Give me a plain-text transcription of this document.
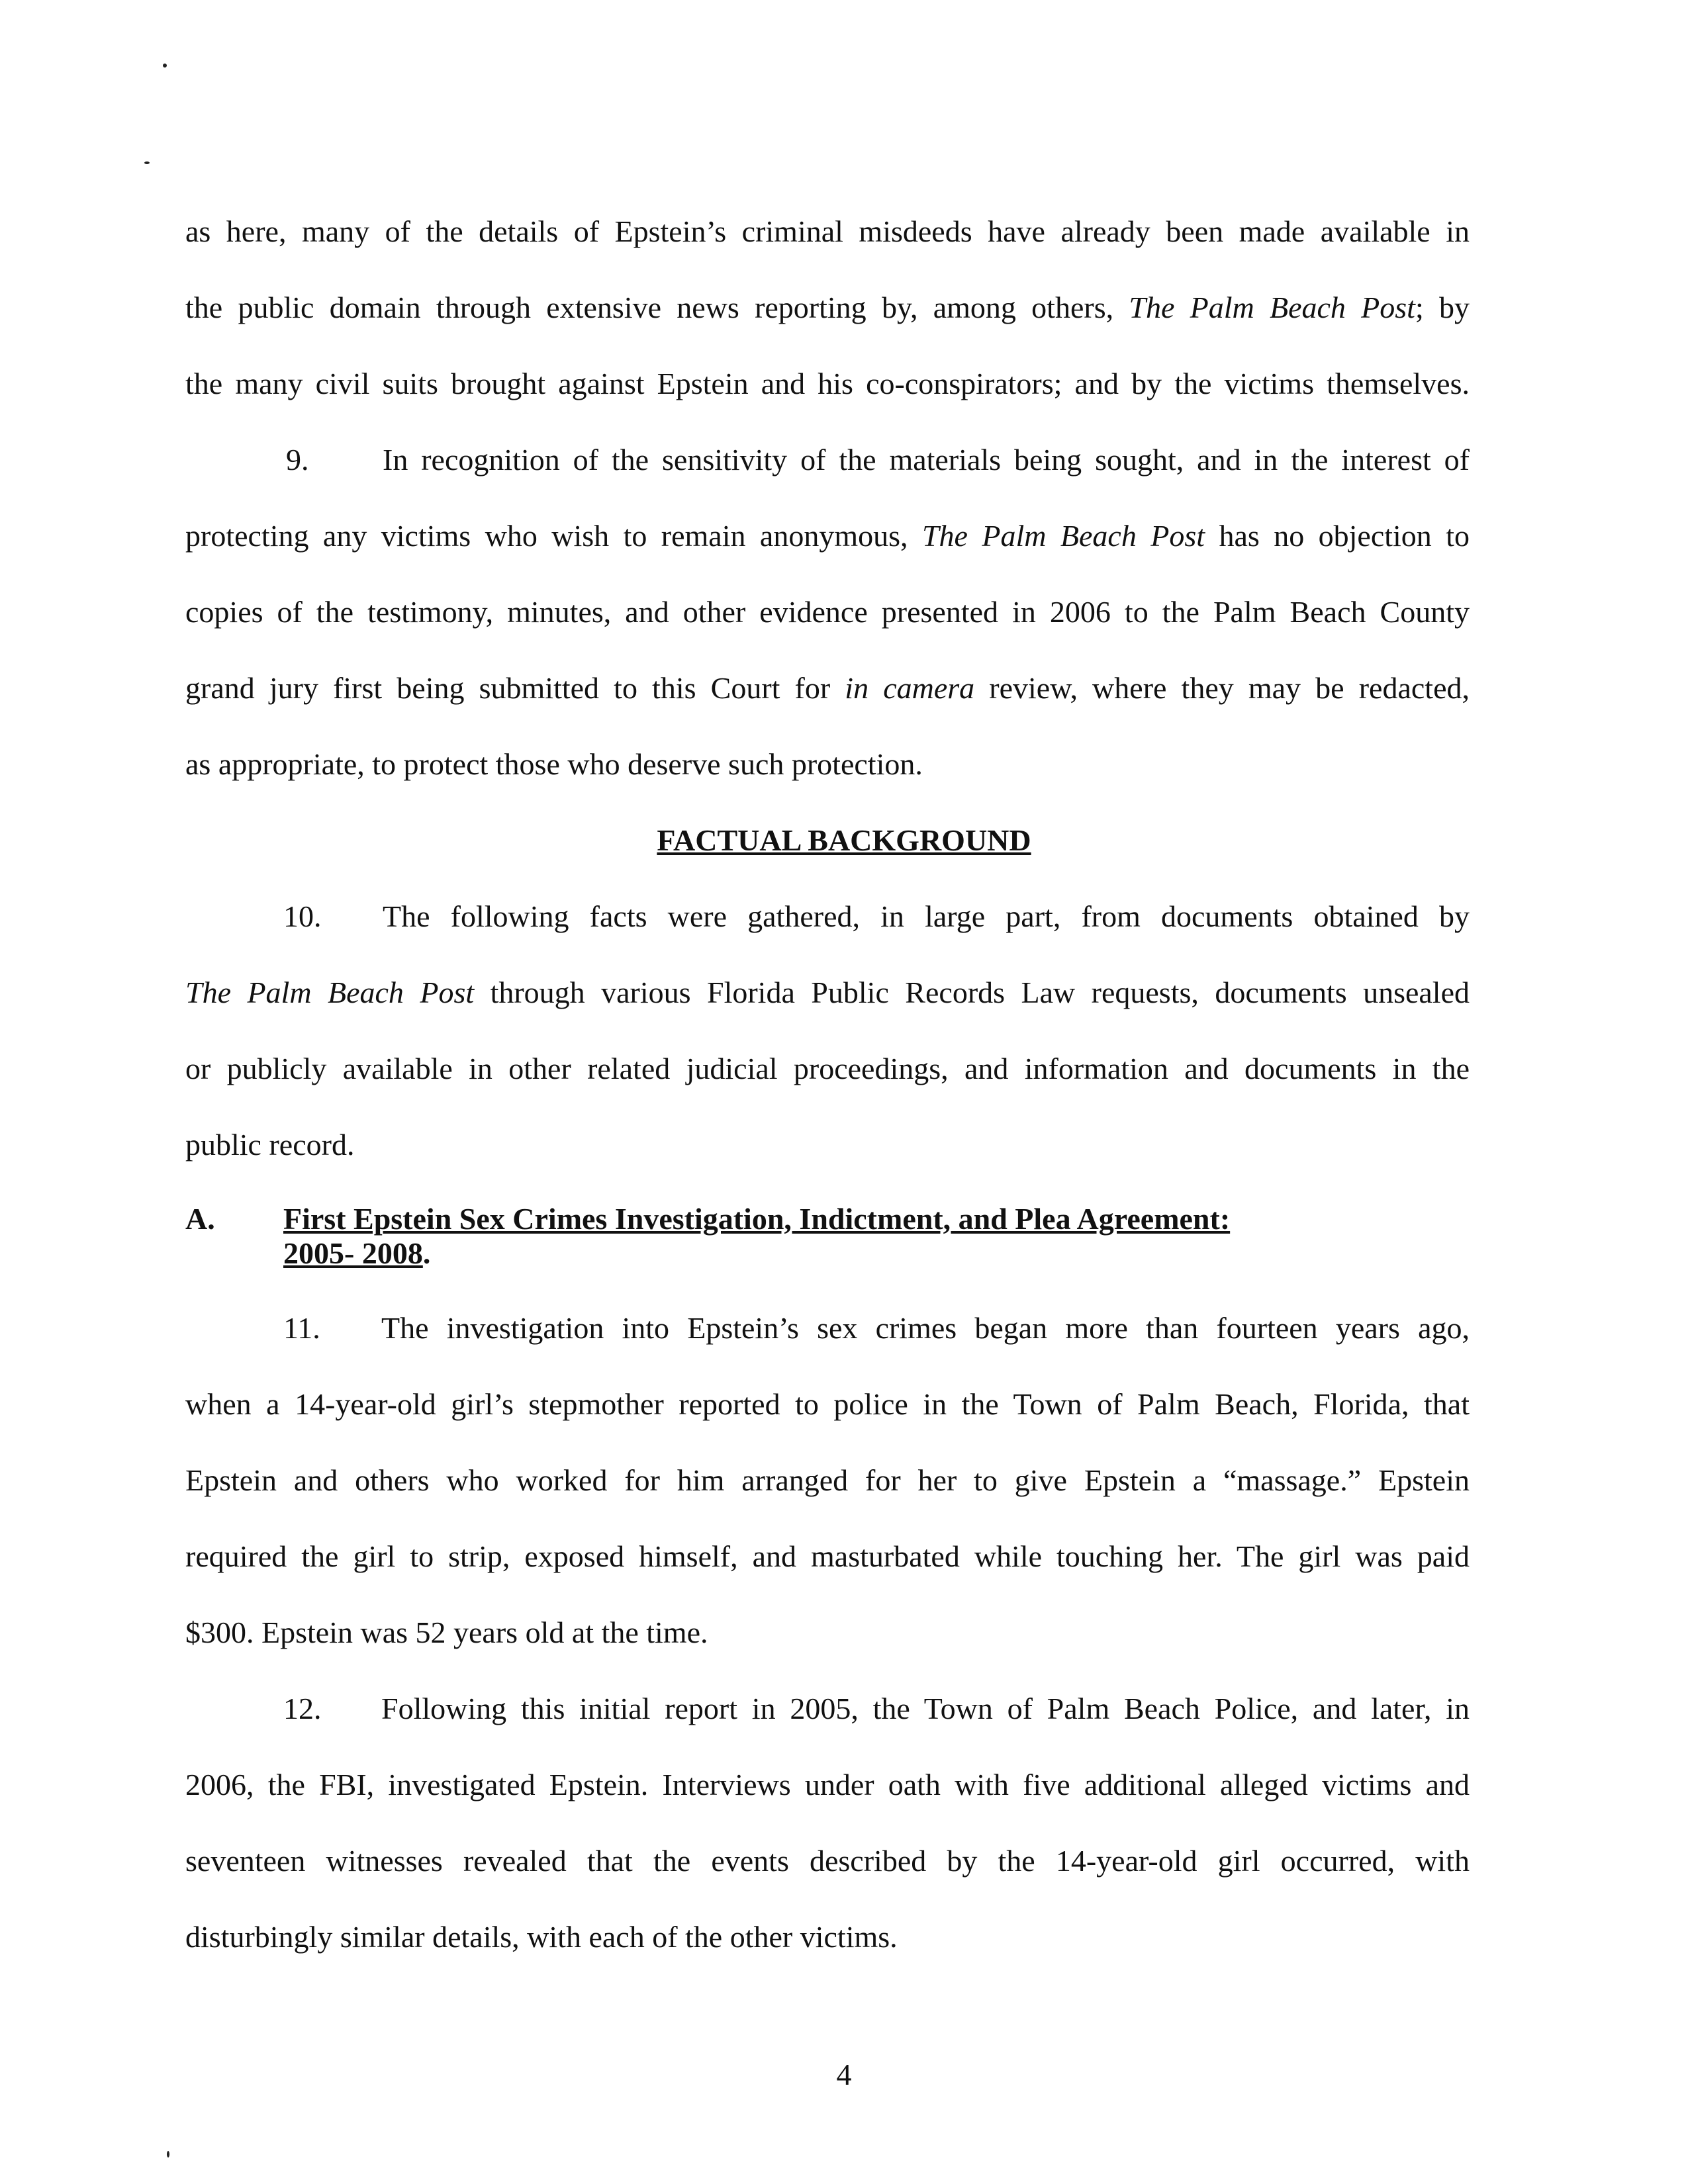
as here, many of the details of Epstein’s criminal misdeeds have already been made available in

the public domain through extensive news reporting by, among others, The Palm Beach Post; by

the many civil suits brought against Epstein and his co-conspirators; and by the victims themselves.

9. In recognition of the sensitivity of the materials being sought, and in the interest of

protecting any victims who wish to remain anonymous, The Palm Beach Post has no objection to

copies of the testimony, minutes, and other evidence presented in 2006 to the Palm Beach County

grand jury first being submitted to this Court for in camera review, where they may be redacted,

as appropriate, to protect those who deserve such protection.

FACTUAL BACKGROUND

10. The following facts were gathered, in large part, from documents obtained by

The Palm Beach Post through various Florida Public Records Law requests, documents unsealed

or publicly available in other related judicial proceedings, and information and documents in the

public record.

A. First Epstein Sex Crimes Investigation, Indictment, and Plea Agreement:

2005- 2008.

11. The investigation into Epstein’s sex crimes began more than fourteen years ago,

when a 14-year-old girl’s stepmother reported to police in the Town of Palm Beach, Florida, that

Epstein and others who worked for him arranged for her to give Epstein a “massage.” Epstein

required the girl to strip, exposed himself, and masturbated while touching her. The girl was paid

$300. Epstein was 52 years old at the time.

12. Following this initial report in 2005, the Town of Palm Beach Police, and later, in

2006, the FBI, investigated Epstein. Interviews under oath with five additional alleged victims and

seventeen witnesses revealed that the events described by the 14-year-old girl occurred, with

disturbingly similar details, with each of the other victims.

4
